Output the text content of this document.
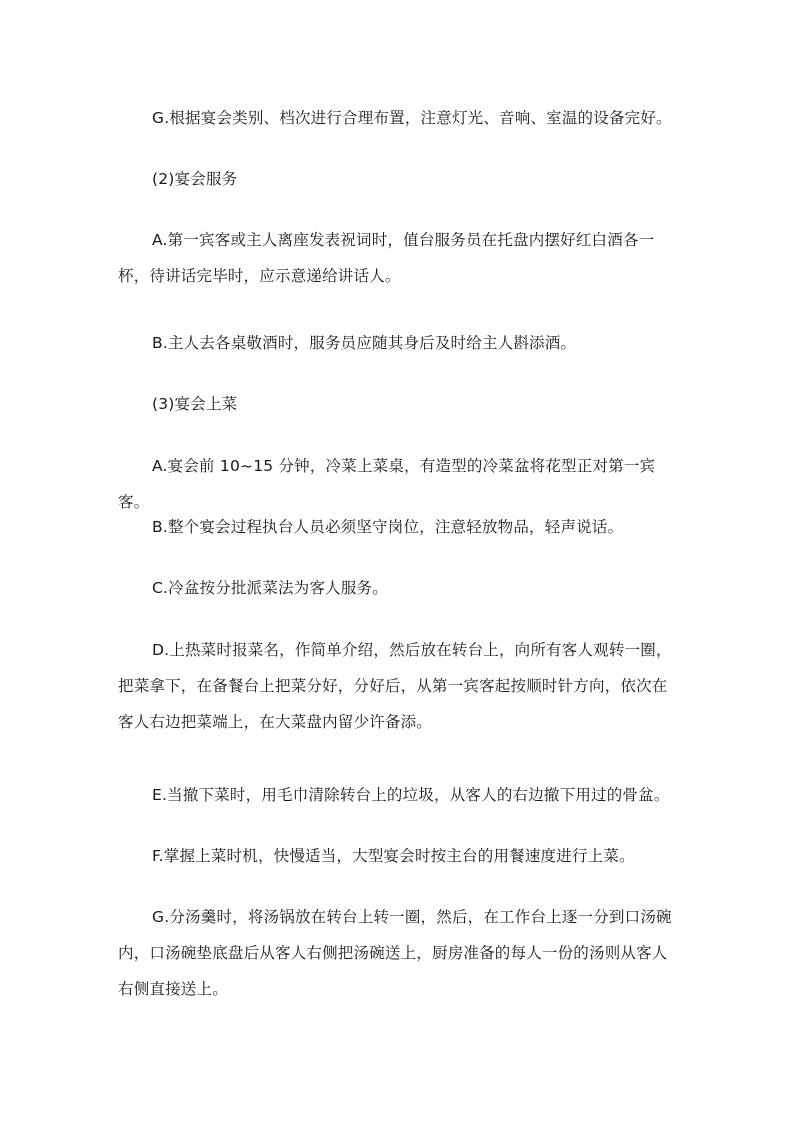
G.根据宴会类别、档次进行合理布置，注意灯光、音响、室温的设备完好。

(2)宴会服务

A.第一宾客或主人离座发表祝词时，值台服务员在托盘内摆好红白酒各一杯，待讲话完毕时，应示意递给讲话人。

B.主人去各桌敬酒时，服务员应随其身后及时给主人斟添酒。

(3)宴会上菜

A.宴会前 10~15 分钟，冷菜上菜桌，有造型的冷菜盆将花型正对第一宾客。

B.整个宴会过程执台人员必须坚守岗位，注意轻放物品，轻声说话。

C.冷盆按分批派菜法为客人服务。

D.上热菜时报菜名，作简单介绍，然后放在转台上，向所有客人观转一圈，把菜拿下，在备餐台上把菜分好，分好后，从第一宾客起按顺时针方向，依次在客人右边把菜端上，在大菜盘内留少许备添。

E.当撤下菜时，用毛巾清除转台上的垃圾，从客人的右边撤下用过的骨盆。

F.掌握上菜时机，快慢适当，大型宴会时按主台的用餐速度进行上菜。

G.分汤羹时，将汤锅放在转台上转一圈，然后，在工作台上逐一分到口汤碗内，口汤碗垫底盘后从客人右侧把汤碗送上，厨房准备的每人一份的汤则从客人右侧直接送上。
